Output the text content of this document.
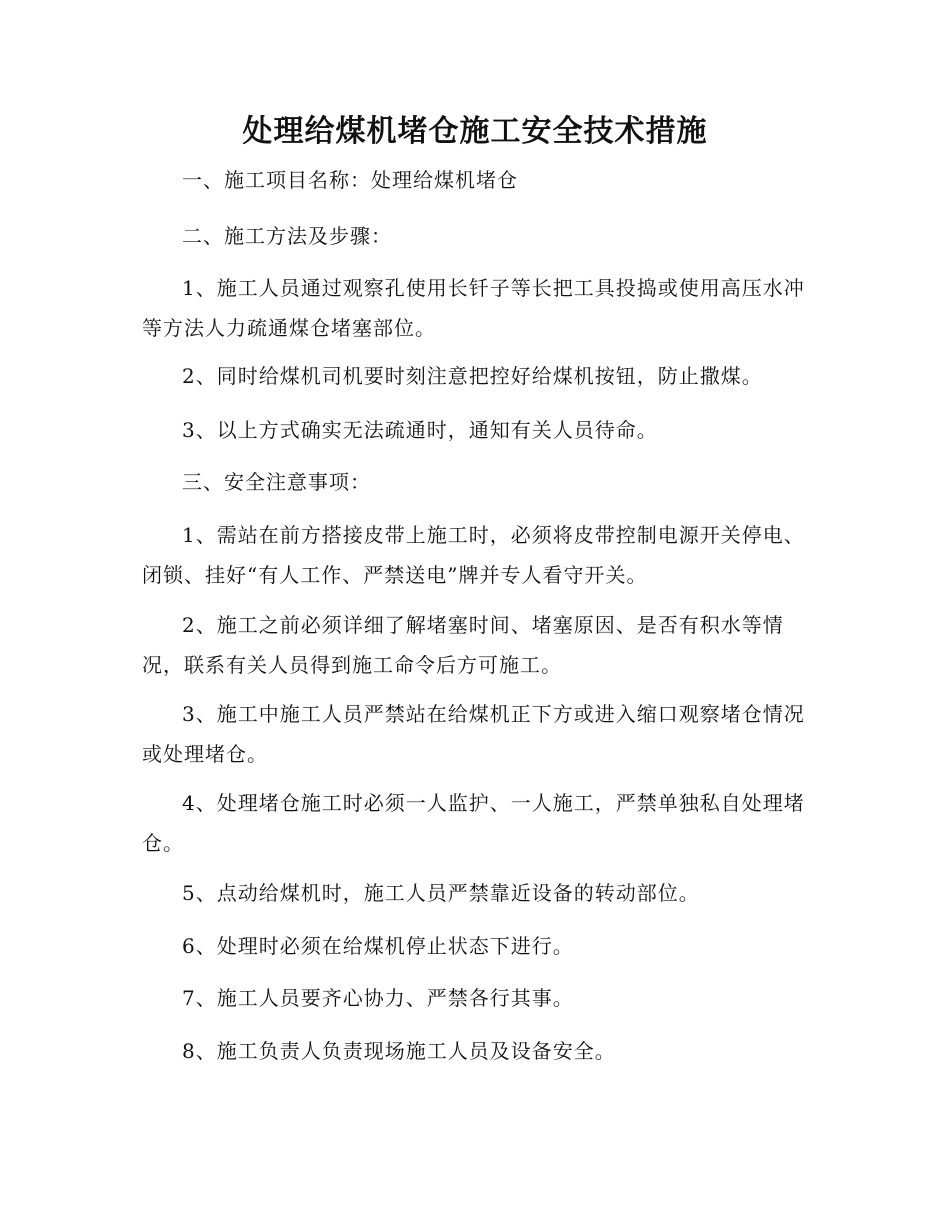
处理给煤机堵仓施工安全技术措施
一、施工项目名称：处理给煤机堵仓
二、施工方法及步骤：
1、施工人员通过观察孔使用长钎子等长把工具投捣或使用高压水冲等方法人力疏通煤仓堵塞部位。
2、同时给煤机司机要时刻注意把控好给煤机按钮，防止撒煤。
3、以上方式确实无法疏通时，通知有关人员待命。
三、安全注意事项：
1、需站在前方搭接皮带上施工时，必须将皮带控制电源开关停电、闭锁、挂好“有人工作、严禁送电”牌并专人看守开关。
2、施工之前必须详细了解堵塞时间、堵塞原因、是否有积水等情况，联系有关人员得到施工命令后方可施工。
3、施工中施工人员严禁站在给煤机正下方或进入缩口观察堵仓情况或处理堵仓。
4、处理堵仓施工时必须一人监护、一人施工，严禁单独私自处理堵仓。
5、点动给煤机时，施工人员严禁靠近设备的转动部位。
6、处理时必须在给煤机停止状态下进行。
7、施工人员要齐心协力、严禁各行其事。
8、施工负责人负责现场施工人员及设备安全。
